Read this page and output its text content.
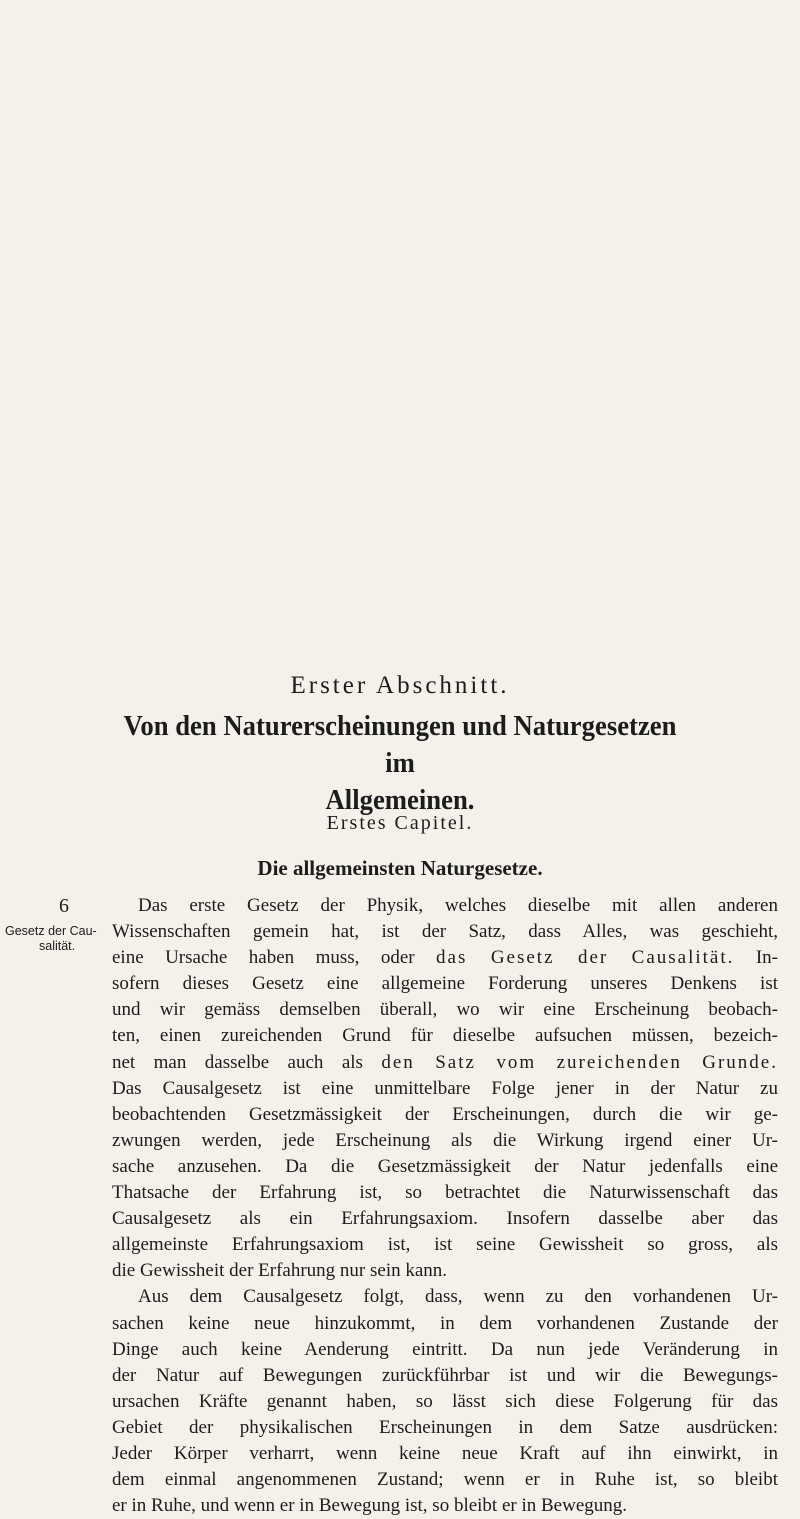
Erster Abschnitt.
Von den Naturerscheinungen und Naturgesetzen im
Allgemeinen.
Erstes Capitel.
Die allgemeinsten Naturgesetze.
6
Gesetz der Cau-
salität.
Das erste Gesetz der Physik, welches dieselbe mit allen anderen
Wissenschaften gemein hat, ist der Satz, dass Alles, was geschieht,
eine Ursache haben muss, oder das Gesetz der Causalität. In-
sofern dieses Gesetz eine allgemeine Forderung unseres Denkens ist
und wir gemäss demselben überall, wo wir eine Erscheinung beobach-
ten, einen zureichenden Grund für dieselbe aufsuchen müssen, bezeich-
net man dasselbe auch als den Satz vom zureichenden Grunde.
Das Causalgesetz ist eine unmittelbare Folge jener in der Natur zu
beobachtenden Gesetzmässigkeit der Erscheinungen, durch die wir ge-
zwungen werden, jede Erscheinung als die Wirkung irgend einer Ur-
sache anzusehen. Da die Gesetzmässigkeit der Natur jedenfalls eine
Thatsache der Erfahrung ist, so betrachtet die Naturwissenschaft das
Causalgesetz als ein Erfahrungsaxiom. Insofern dasselbe aber das
allgemeinste Erfahrungsaxiom ist, ist seine Gewissheit so gross, als
die Gewissheit der Erfahrung nur sein kann.
Aus dem Causalgesetz folgt, dass, wenn zu den vorhandenen Ur-
sachen keine neue hinzukommt, in dem vorhandenen Zustande der
Dinge auch keine Aenderung eintritt. Da nun jede Veränderung in
der Natur auf Bewegungen zurückführbar ist und wir die Bewegungs-
ursachen Kräfte genannt haben, so lässt sich diese Folgerung für das
Gebiet der physikalischen Erscheinungen in dem Satze ausdrücken:
Jeder Körper verharrt, wenn keine neue Kraft auf ihn einwirkt, in
dem einmal angenommenen Zustand; wenn er in Ruhe ist, so bleibt
er in Ruhe, und wenn er in Bewegung ist, so bleibt er in Bewegung.
